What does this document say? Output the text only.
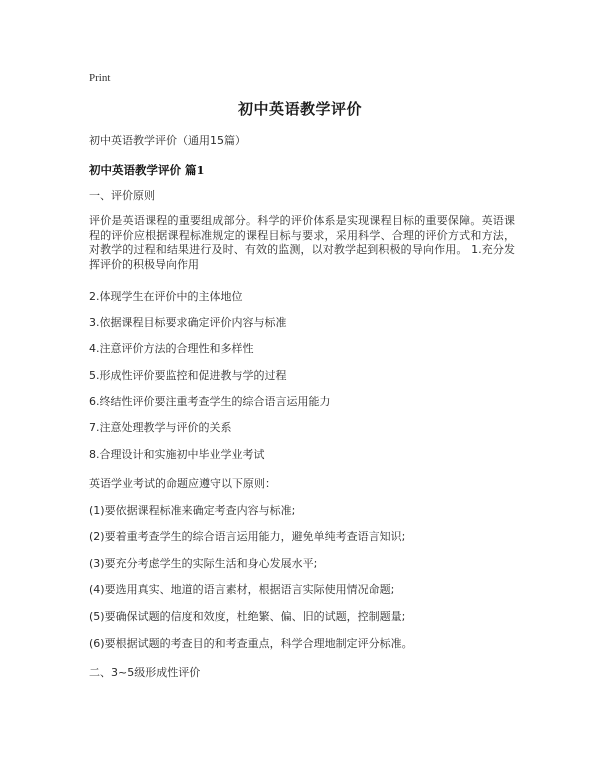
Print
初中英语教学评价
初中英语教学评价（通用15篇）
初中英语教学评价 篇1
一、评价原则
评价是英语课程的重要组成部分。科学的评价体系是实现课程目标的重要保障。英语课程的评价应根据课程标准规定的课程目标与要求，采用科学、合理的评价方式和方法，对教学的过程和结果进行及时、有效的监测，以对教学起到积极的导向作用。 1.充分发挥评价的积极导向作用
2.体现学生在评价中的主体地位
3.依据课程目标要求确定评价内容与标准
4.注意评价方法的合理性和多样性
5.形成性评价要监控和促进教与学的过程
6.终结性评价要注重考查学生的综合语言运用能力
7.注意处理教学与评价的关系
8.合理设计和实施初中毕业学业考试
英语学业考试的命题应遵守以下原则：
(1)要依据课程标准来确定考查内容与标准;
(2)要着重考查学生的综合语言运用能力，避免单纯考查语言知识;
(3)要充分考虑学生的实际生活和身心发展水平;
(4)要选用真实、地道的语言素材，根据语言实际使用情况命题;
(5)要确保试题的信度和效度，杜绝繁、偏、旧的试题，控制题量;
(6)要根据试题的考查目的和考查重点，科学合理地制定评分标准。
二、3~5级形成性评价
